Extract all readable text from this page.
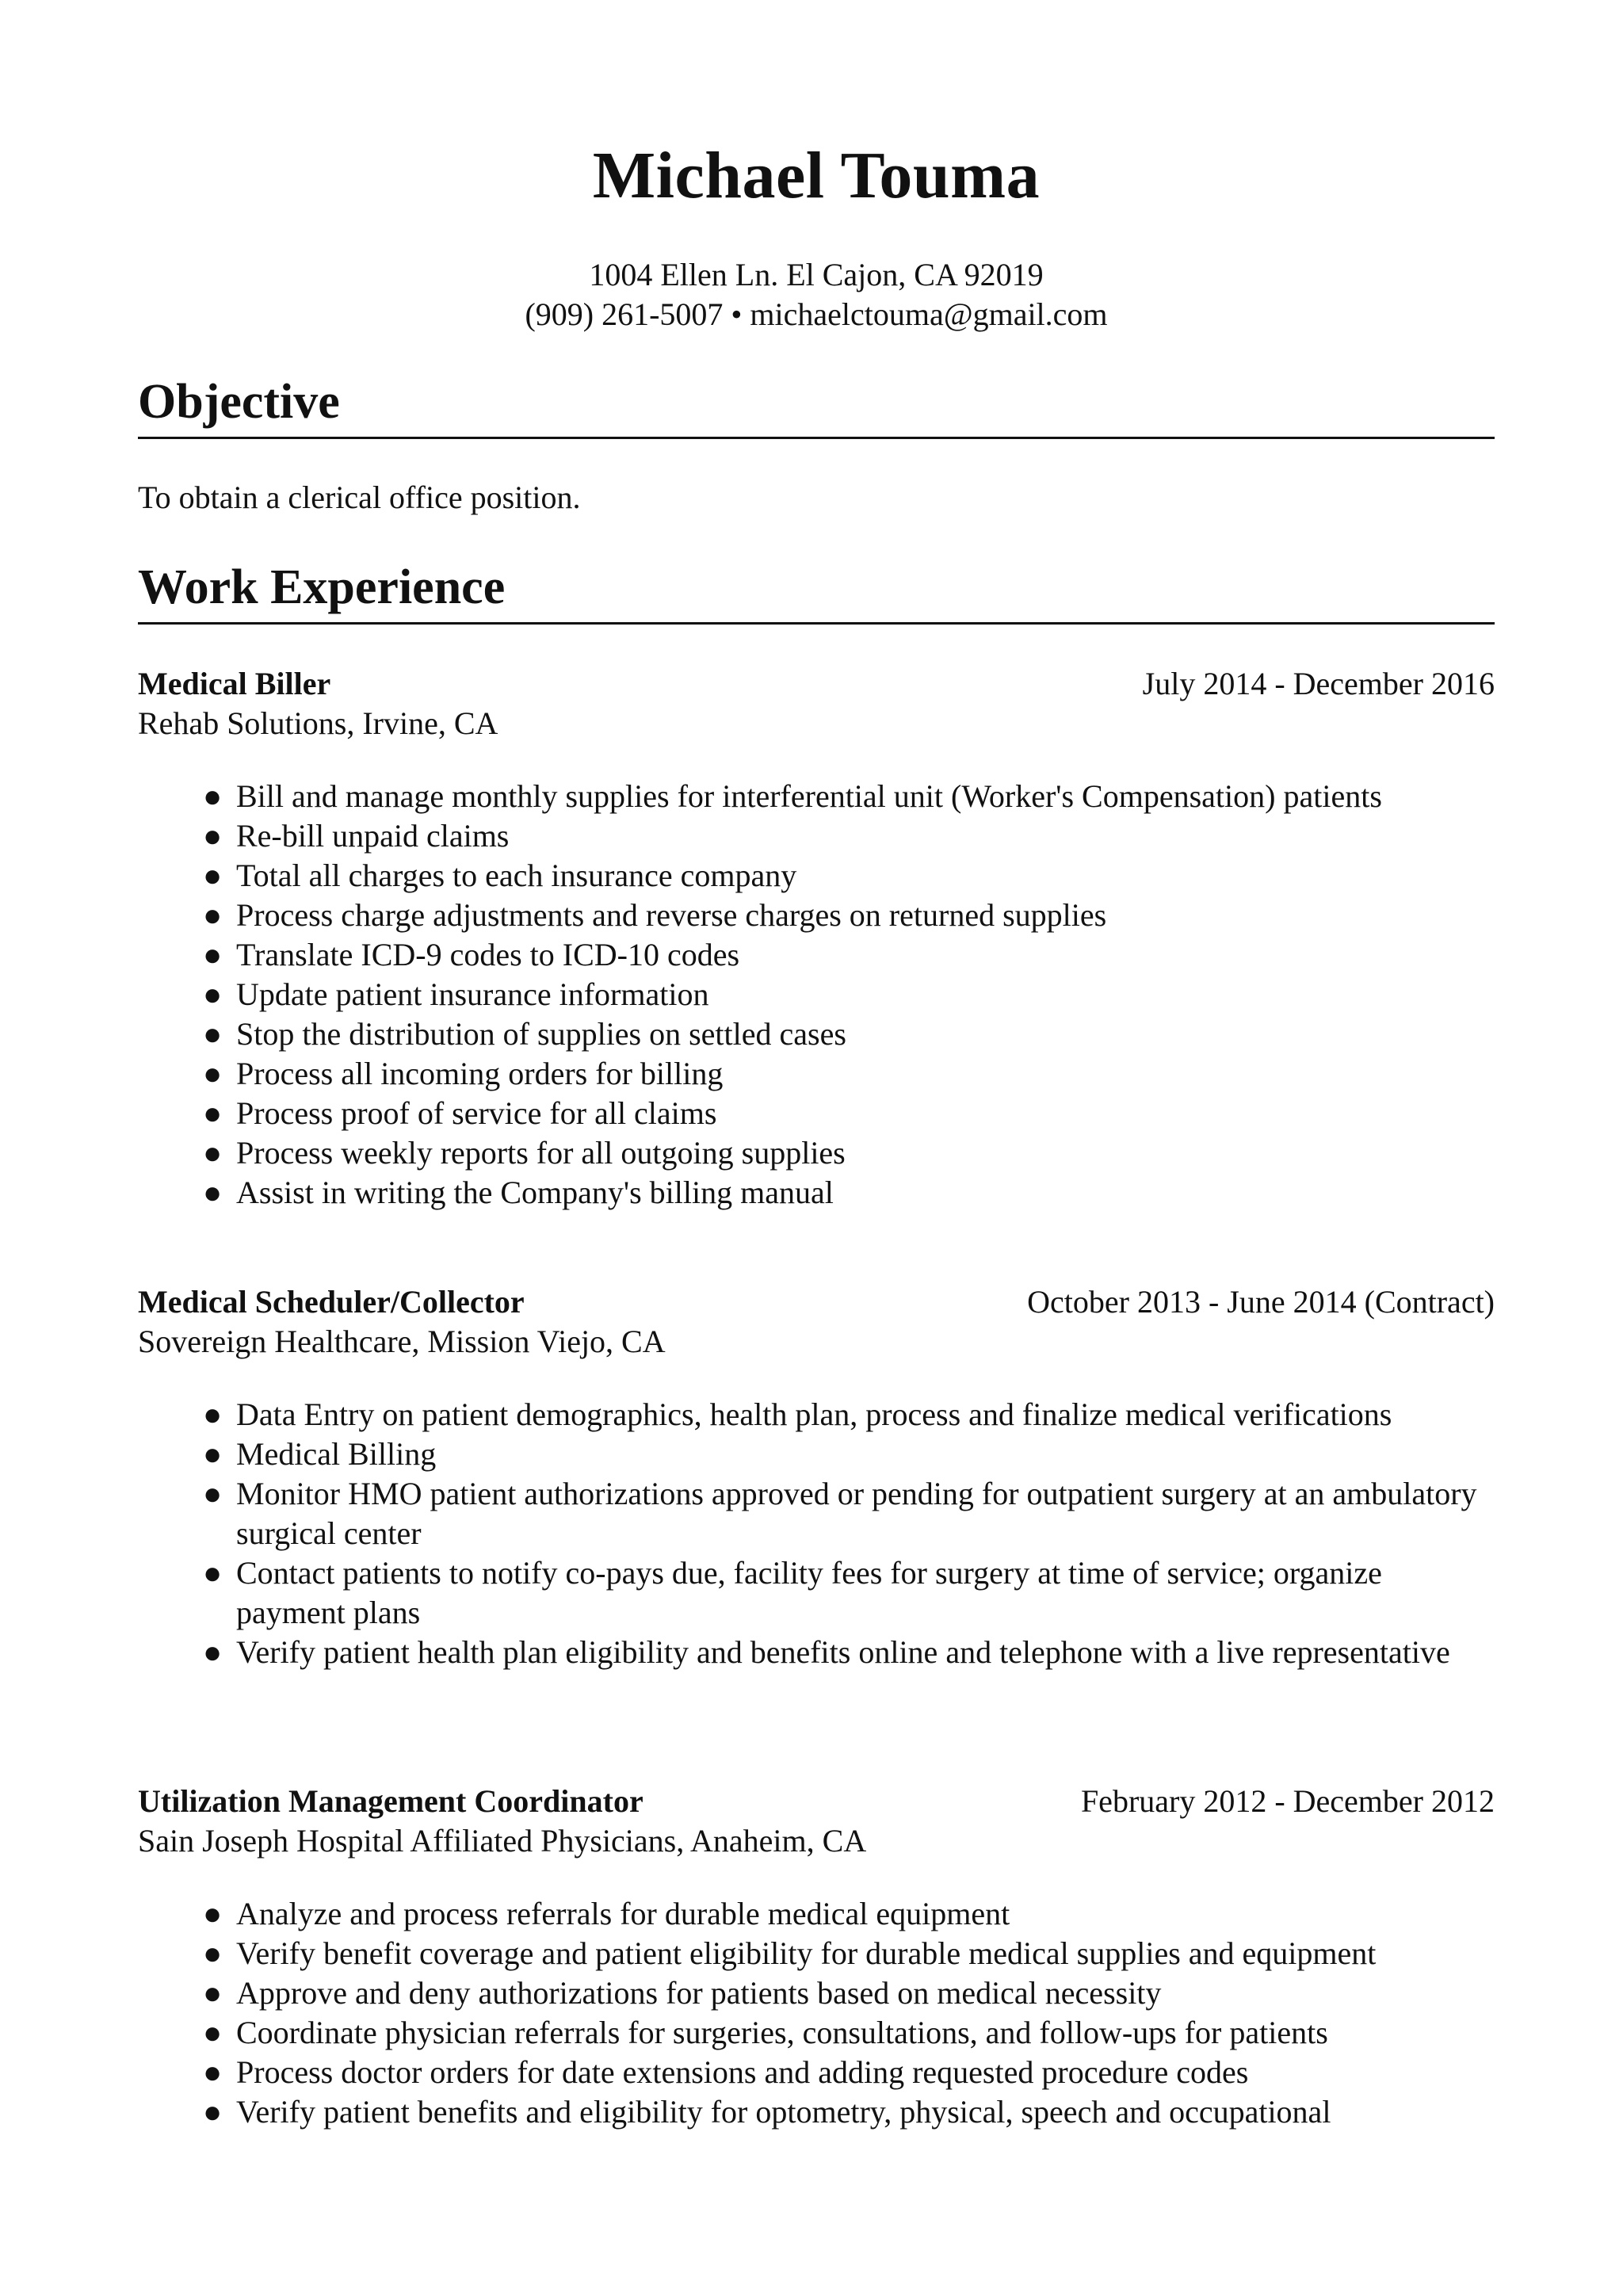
Michael Touma
1004 Ellen Ln. El Cajon, CA 92019
(909) 261-5007 • michaelctouma@gmail.com
Objective
To obtain a clerical office position.
Work Experience
Medical Biller	July 2014 - December 2016
Rehab Solutions, Irvine, CA
● Bill and manage monthly supplies for interferential unit (Worker's Compensation) patients
● Re-bill unpaid claims
● Total all charges to each insurance company
● Process charge adjustments and reverse charges on returned supplies
● Translate ICD-9 codes to ICD-10 codes
● Update patient insurance information
● Stop the distribution of supplies on settled cases
● Process all incoming orders for billing
● Process proof of service for all claims
● Process weekly reports for all outgoing supplies
● Assist in writing the Company's billing manual
Medical Scheduler/Collector	October 2013 - June 2014 (Contract)
Sovereign Healthcare, Mission Viejo, CA
● Data Entry on patient demographics, health plan, process and finalize medical verifications
● Medical Billing
● Monitor HMO patient authorizations approved or pending for outpatient surgery at an ambulatory surgical center
● Contact patients to notify co-pays due, facility fees for surgery at time of service; organize payment plans
● Verify patient health plan eligibility and benefits online and telephone with a live representative
Utilization Management Coordinator	February 2012 - December 2012
Sain Joseph Hospital Affiliated Physicians, Anaheim, CA
● Analyze and process referrals for durable medical equipment
● Verify benefit coverage and patient eligibility for durable medical supplies and equipment
● Approve and deny authorizations for patients based on medical necessity
● Coordinate physician referrals for surgeries, consultations, and follow-ups for patients
● Process doctor orders for date extensions and adding requested procedure codes
● Verify patient benefits and eligibility for optometry, physical, speech and occupational
